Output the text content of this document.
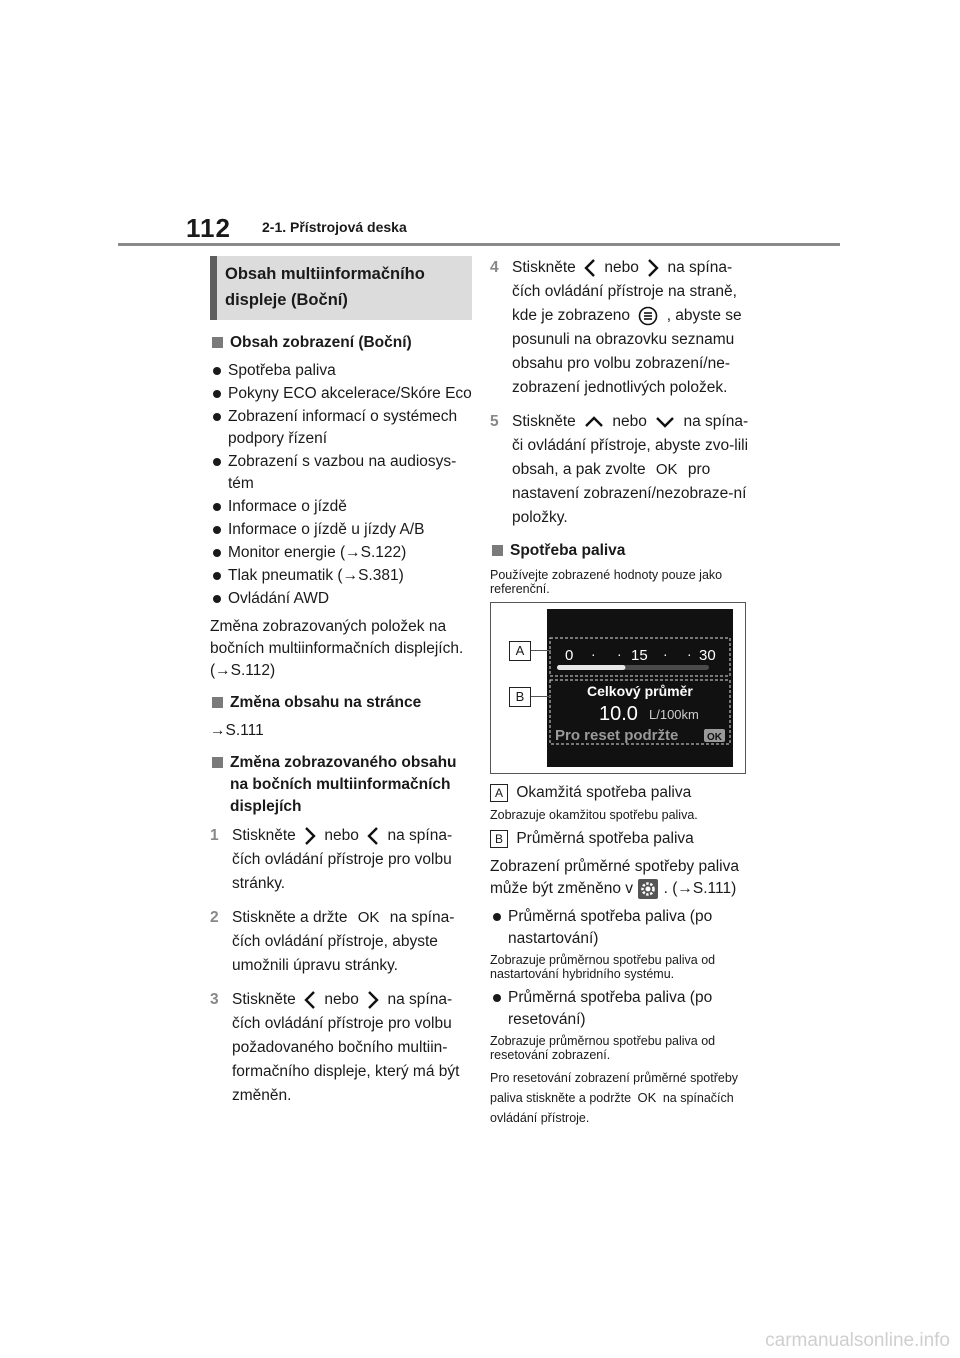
112 2-1. Přístrojová deska
Obsah multiinformačního
displeje (Boční)
Obsah zobrazení (Boční)
Spotřeba paliva
Pokyny ECO akcelerace/Skóre Eco
Zobrazení informací o systémech podpory řízení
Zobrazení s vazbou na audiosys-tém
Informace o jízdě
Informace o jízdě u jízdy A/B
Monitor energie (→S.122)
Tlak pneumatik (→S.381)
Ovládání AWD
Změna zobrazovaných položek na bočních multiinformačních displejích. (→S.112)
Změna obsahu na stránce
→S.111
Změna zobrazovaného obsahu na bočních multiinformačních displejích
1 Stiskněte nebo na spína-čích ovládání přístroje pro volbu stránky.
2 Stiskněte a držte OK na spína-čích ovládání přístroje, abyste umožnili úpravu stránky.
3 Stiskněte nebo na spína-čích ovládání přístroje pro volbu požadovaného bočního multiin-formačního displeje, který má být změněn.
4 Stiskněte nebo na spína-čích ovládání přístroje na straně, kde je zobrazeno , abyste se posunuli na obrazovku seznamu obsahu pro volbu zobrazení/ne-zobrazení jednotlivých položek.
5 Stiskněte nebo na spína-či ovládání přístroje, abyste zvo-lili obsah, a pak zvolte OK pro nastavení zobrazení/nezobraze-ní položky.
Spotřeba paliva
Používejte zobrazené hodnoty pouze jako referenční.
0 · · 15 · · 30
Celkový průměr
10.0 L/100km
Pro reset podržte	OK
A
B
A Okamžitá spotřeba paliva
Zobrazuje okamžitou spotřebu paliva.
B Průměrná spotřeba paliva
Zobrazení průměrné spotřeby paliva může být změněno v . (→S.111)
Průměrná spotřeba paliva (po nastartování)
Zobrazuje průměrnou spotřebu paliva od nastartování hybridního systému.
Průměrná spotřeba paliva (po resetování)
Zobrazuje průměrnou spotřebu paliva od resetování zobrazení.
Pro resetování zobrazení průměrné spotřeby paliva stiskněte a podržte OK na spínačích ovládání přístroje.
carmanualsonline.info
